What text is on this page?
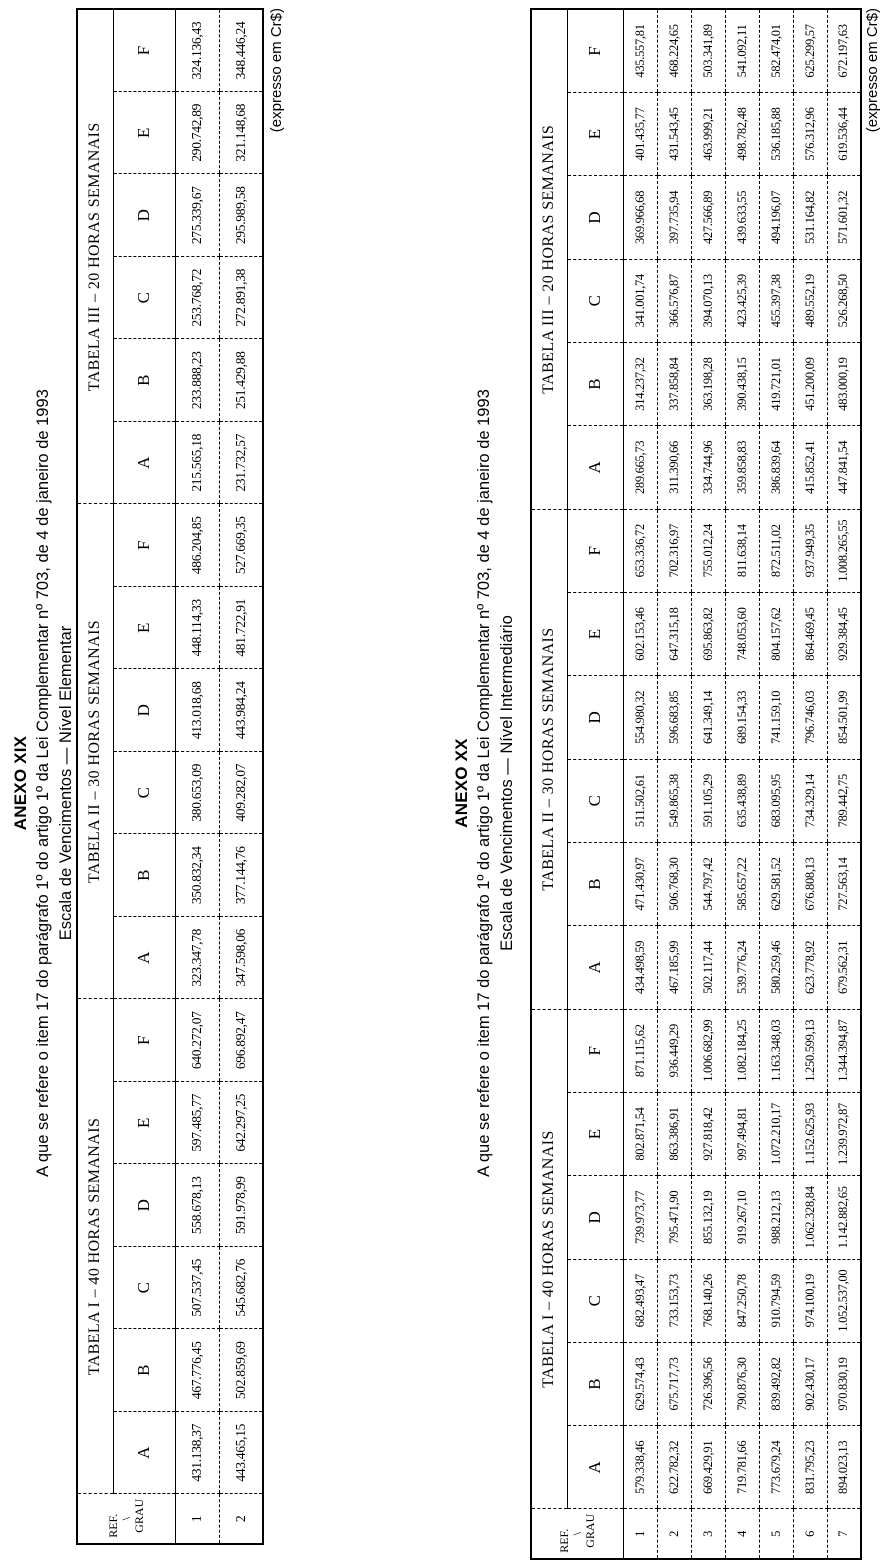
ANEXO XIX A que se refere o item 17 do parágrafo 1º do artigo 1º da Lei Complementar nº 703, de 4 de janeiro de 1993 Escala de Vencimentos — Nível Elementar
REF. \ GRAU	TABELA I – 40 HORAS SEMANAIS						TABELA II – 30 HORAS SEMANAIS						TABELA III – 20 HORAS SEMANAIS					
	A	B	C	D	E	F	A	B	C	D	E	F	A	B	C	D	E	F
1	431.138,37	467.776,45	507.537,45	558.678,13	597.485,77	640.272,07	323.347,78	350.832,34	380.653,09	413.018,68	448.114,33	486.204,85	215.565,18	233.888,23	253.768,72	275.339,67	290.742,89	324.136,43
2	443.465,15	502.859,69	545.682,76	591.978,99	642.297,25	696.892,47	347.598,06	377.144,76	409.282,07	443.984,24	481.722,91	527.669,35	231.732,57	251.429,88	272.891,38	295.989,58	321.148,68	348.446,24 (expresso em Cr$)
ANEXO XX A que se refere o item 17 do parágrafo 1º do artigo 1º da Lei Complementar nº 703, de 4 de janeiro de 1993 Escala de Vencimentos — Nível Intermediário
REF. \ GRAU	TABELA I – 40 HORAS SEMANAIS						TABELA II – 30 HORAS SEMANAIS						TABELA III – 20 HORAS SEMANAIS					
	A	B	C	D	E	F	A	B	C	D	E	F	A	B	C	D	E	F
1	579.338,46	629.574,43	682.493,47	739.973,77	802.871,54	871.115,62	434.498,59	471.430,97	511.502,61	554.980,32	602.153,46	653.336,72	289.665,73	314.237,32	341.001,74	369.966,68	401.435,77	435.557,81
2	622.782,32	675.717,73	733.153,73	795.471,90	863.386,91	936.449,29	467.185,99	506.768,30	549.865,38	596.683,85	647.315,18	702.316,97	311.390,66	337.858,84	366.576,87	397.735,94	431.543,45	468.224,65
3	669.429,91	726.396,56	768.140,26	855.132,19	927.818,42	1.006.682,99	502.117,44	544.797,42	591.105,29	641.349,14	695.863,82	755.012,24	334.744,96	363.198,28	394.070,13	427.566,89	463.999,21	503.341,89
4	719.781,66	790.876,30	847.250,78	919.267,10	997.494,81	1.082.184,25	539.776,24	585.657,22	635.438,89	689.154,33	748.053,60	811.638,14	359.858,83	390.438,15	423.425,39	439.633,55	498.782,48	541.092,11
5	773.679,24	839.492,82	910.794,59	988.212,13	1.072.210,17	1.163.348,03	580.259,46	629.581,52	683.095,95	741.159,10	804.157,62	872.511,02	386.839,64	419.721,01	455.397,38	494.196,07	536.185,88	582.474,01
6	831.795,23	902.430,17	974.100,19	1.062.328,84	1.152.625,93	1.250.599,13	623.778,92	676.808,13	734.329,14	796.746,03	864.469,45	937.949,35	415.852,41	451.200,09	489.552,19	531.164,82	576.312,96	625.299,57
7	894.023,13	970.830,19	1.052.537,00	1.142.882,65	1.239.972,87	1.344.394,87	679.562,31	727.563,14	789.442,75	854.501,99	929.384,45	1.008.265,55	447.841,54	483.000,19	526.268,50	571.601,32	619.536,44	672.197,63 (expresso em Cr$)
